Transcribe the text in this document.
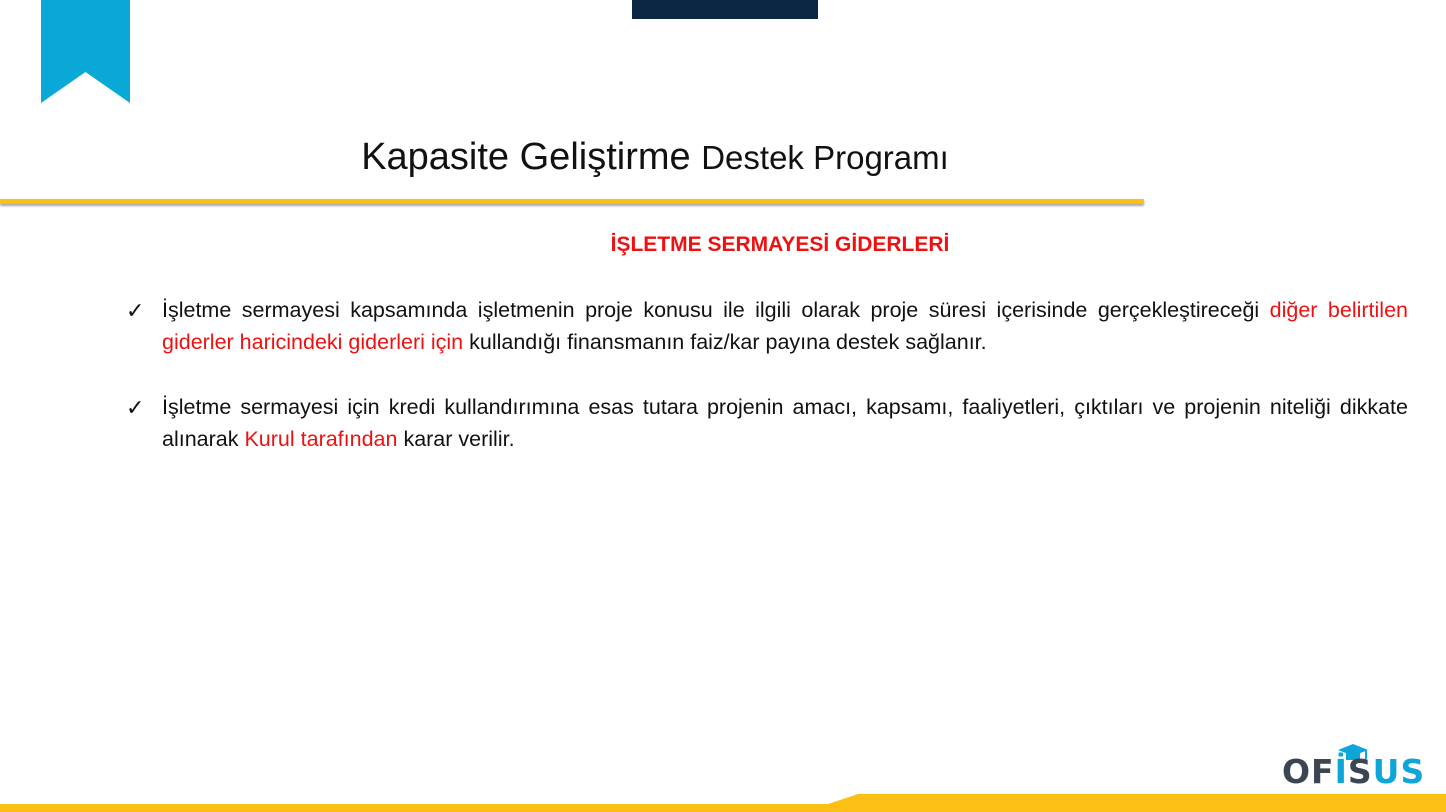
Kapasite Geliştirme Destek Programı
İŞLETME SERMAYESİ GİDERLERİ
✓ İşletme sermayesi kapsamında işletmenin proje konusu ile ilgili olarak proje süresi içerisinde gerçekleştireceği diğer belirtilen giderler haricindeki giderleri için kullandığı finansmanın faiz/kar payına destek sağlanır.
✓ İşletme sermayesi için kredi kullandırımına esas tutara projenin amacı, kapsamı, faaliyetleri, çıktıları ve projenin niteliği dikkate alınarak Kurul tarafından karar verilir.
OFİSUS
